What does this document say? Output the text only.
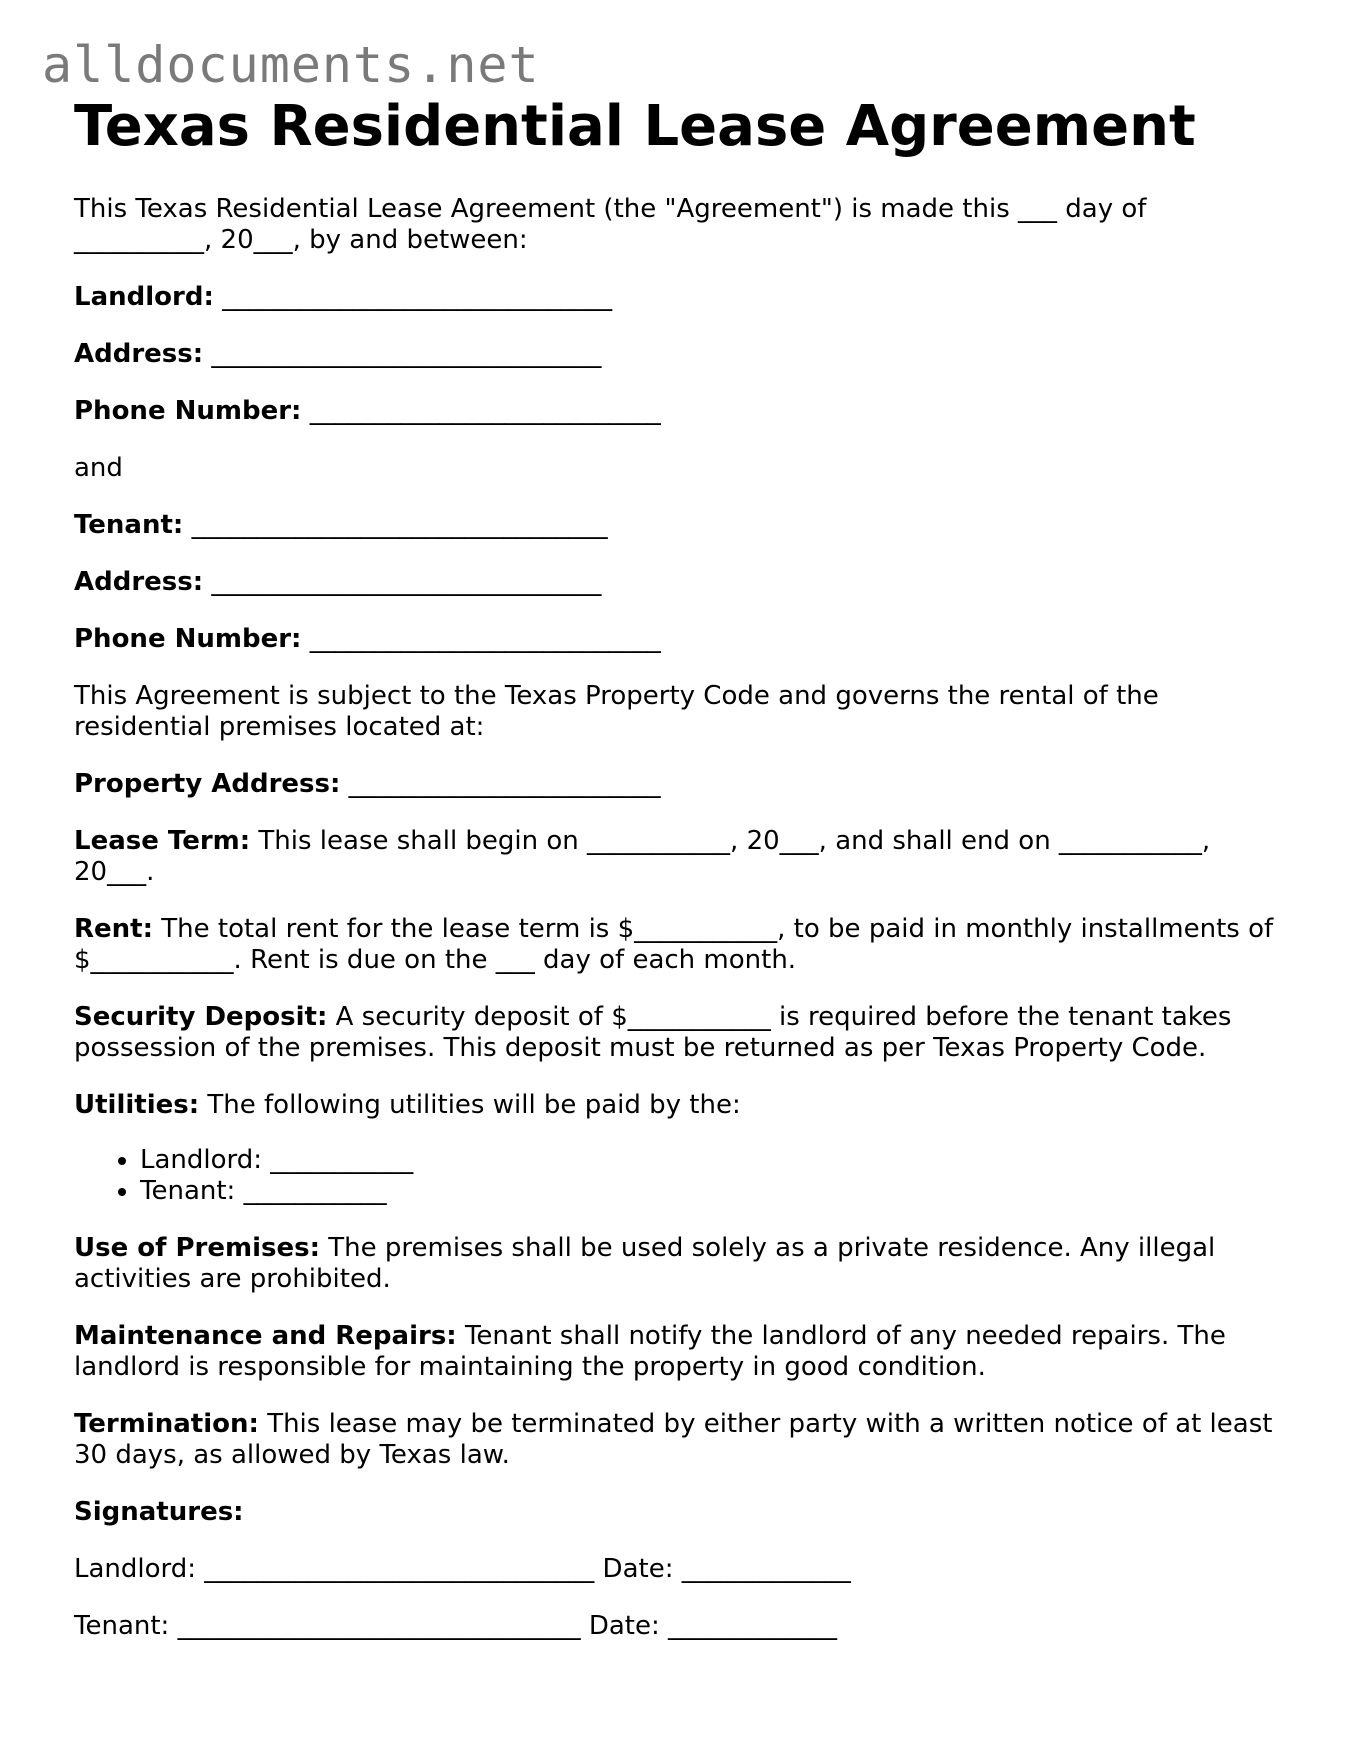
alldocuments.net
Texas Residential Lease Agreement

This Texas Residential Lease Agreement (the "Agreement") is made this ___ day of __________, 20___, by and between:

Landlord: ______________________________

Address: ______________________________

Phone Number: ___________________________

and

Tenant: ________________________________

Address: ______________________________

Phone Number: ___________________________

This Agreement is subject to the Texas Property Code and governs the rental of the residential premises located at:

Property Address: ________________________

Lease Term: This lease shall begin on ___________, 20___, and shall end on ___________, 20___.

Rent: The total rent for the lease term is $___________, to be paid in monthly installments of $___________. Rent is due on the ___ day of each month.

Security Deposit: A security deposit of $___________ is required before the tenant takes possession of the premises. This deposit must be returned as per Texas Property Code.

Utilities: The following utilities will be paid by the:

• Landlord: ___________
• Tenant: ___________

Use of Premises: The premises shall be used solely as a private residence. Any illegal activities are prohibited.

Maintenance and Repairs: Tenant shall notify the landlord of any needed repairs. The landlord is responsible for maintaining the property in good condition.

Termination: This lease may be terminated by either party with a written notice of at least 30 days, as allowed by Texas law.

Signatures:

Landlord: ______________________________ Date: _____________

Tenant: _______________________________ Date: _____________
